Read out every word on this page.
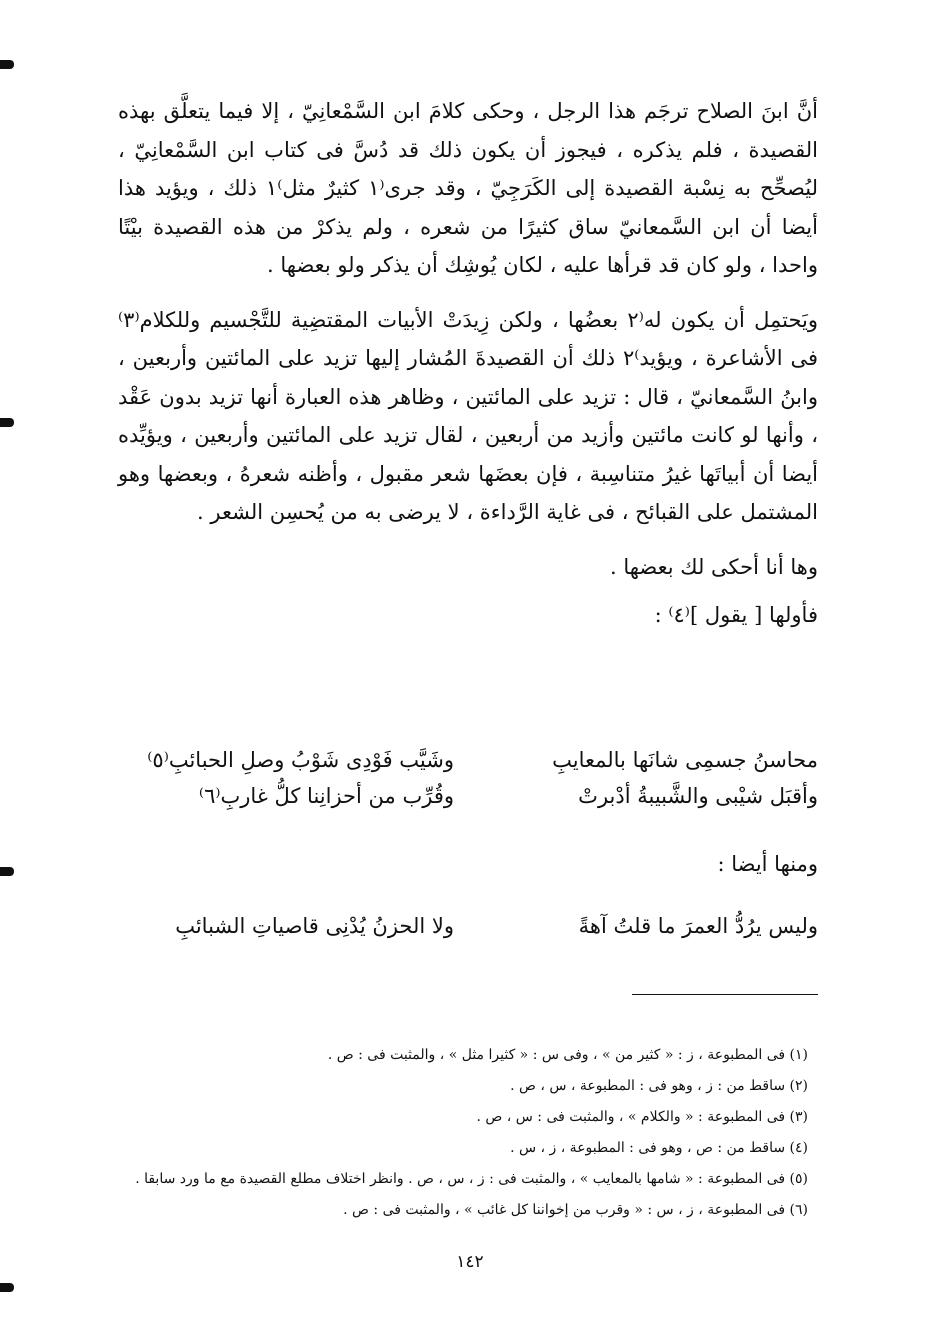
أنَّ ابنَ الصلاح ترجَم هذا الرجل ، وحكى كلامَ ابن السَّمْعانِيّ ، إلا فيما يتعلَّق بهذه القصيدة ، فلم يذكره ، فيجوز أن يكون ذلك قد دُسَّ فى كتاب ابن السَّمْعانِيّ ، ليُصحِّح به نِسْبة القصيدة إلى الكَرَجِيّ ، وقد جرى⁽١ كثيرٌ مثل⁾١ ذلك ، ويؤيد هذا أيضا أن ابن السَّمعانيّ ساق كثيرًا من شعره ، ولم يذكرْ من هذه القصيدة بيْتًا واحدا ، ولو كان قد قرأها عليه ، لكان يُوشِك أن يذكر ولو بعضها .

ويَحتمِل أن يكون له⁽٢ بعضُها ، ولكن زِيدَتْ الأبيات المقتضِية للتَّجْسيم وللكلام⁽٣⁾ فى الأشاعرة ، ويؤيد⁾٢ ذلك أن القصيدةَ المُشار إليها تزيد على المائتين وأربعين ، وابنُ السَّمعانيّ ، قال : تزيد على المائتين ، وظاهر هذه العبارة أنها تزيد بدون عَقْد ، وأنها لو كانت مائتين وأزيد من أربعين ، لقال تزيد على المائتين وأربعين ، ويؤيِّده أيضا أن أبياتَها غيرُ متناسِبة ، فإن بعضَها شعر مقبول ، وأظنه شعرهُ ، وبعضها وهو المشتمل على القبائح ، فى غاية الرَّداءة ، لا يرضى به من يُحسِن الشعر .

وها أنا أحكى لك بعضها .

فأولها [ يقول ]⁽٤⁾ :

محاسنُ جسمِى شانَها بالمعايبِ
وشَيَّب فَوْدِى شَوْبُ وصلِ الحبائبِ⁽٥⁾
وأقبَل شيْبى والشَّبيبةُ أدْبرتْ
وقُرِّب من أحزانِنا كلُّ غاربِ⁽٦⁾
ومنها أيضا :
وليس يرُدُّ العمرَ ما قلتُ آهةً
ولا الحزنُ يُدْنِى قاصياتِ الشبائبِ
(١) فى المطبوعة ، ز : « كثير من » ، وفى س : « كثيرا مثل » ، والمثبت فى : ص .
(٢) ساقط من : ز ، وهو فى : المطبوعة ، س ، ص .
(٣) فى المطبوعة : « والكلام » ، والمثبت فى : س ، ص .
(٤) ساقط من : ص ، وهو فى : المطبوعة ، ز ، س .
(٥) فى المطبوعة : « شامها بالمعايب » ، والمثبت فى : ز ، س ، ص . وانظر اختلاف مطلع القصيدة مع ما ورد سابقا .
(٦) فى المطبوعة ، ز ، س : « وقرب من إخواننا كل غائب » ، والمثبت فى : ص .
١٤٢
